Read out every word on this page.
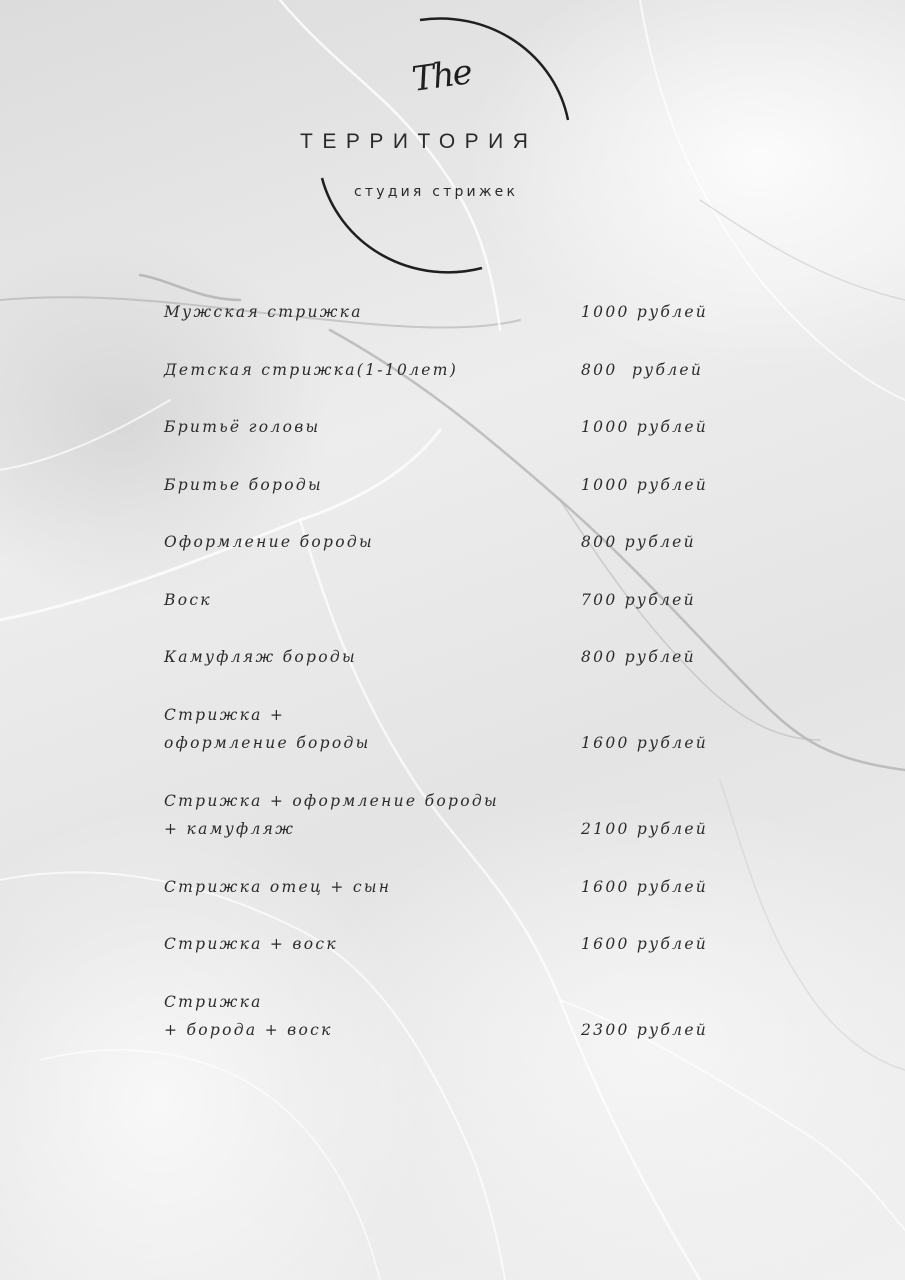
The
ТЕРРИТОРИЯ
студия стрижек
Мужская стрижка	1000 рублей
Детская стрижка(1-10лет)	800  рублей
Бритьё головы	1000 рублей
Бритье бороды	1000 рублей
Оформление бороды	800 рублей
Воск	700 рублей
Камуфляж бороды	800 рублей
Стрижка +
оформление бороды	1600 рублей
Стрижка + оформление бороды
+ камуфляж	2100 рублей
Стрижка отец + сын	1600 рублей
Стрижка + воск	1600 рублей
Стрижка
+ борода + воск	2300 рублей
